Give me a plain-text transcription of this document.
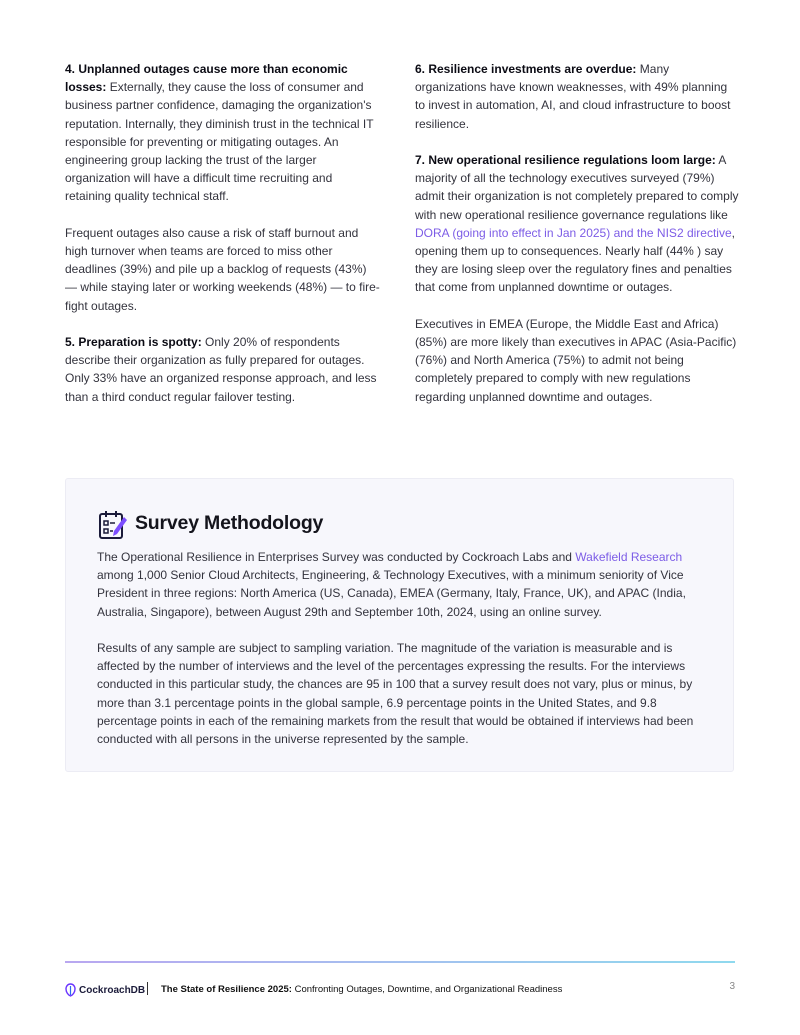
4. Unplanned outages cause more than economic losses: Externally, they cause the loss of consumer and business partner confidence, damaging the organization's reputation. Internally, they diminish trust in the technical IT responsible for preventing or mitigating outages. An engineering group lacking the trust of the larger organization will have a difficult time recruiting and retaining quality technical staff.

Frequent outages also cause a risk of staff burnout and high turnover when teams are forced to miss other deadlines (39%) and pile up a backlog of requests (43%) — while staying later or working weekends (48%) — to fire-fight outages.

5. Preparation is spotty: Only 20% of respondents describe their organization as fully prepared for outages. Only 33% have an organized response approach, and less than a third conduct regular failover testing.

6. Resilience investments are overdue: Many organizations have known weaknesses, with 49% planning to invest in automation, AI, and cloud infrastructure to boost resilience.

7. New operational resilience regulations loom large: A majority of all the technology executives surveyed (79%) admit their organization is not completely prepared to comply with new operational resilience governance regulations like DORA (going into effect in Jan 2025) and the NIS2 directive, opening them up to consequences. Nearly half (44% ) say they are losing sleep over the regulatory fines and penalties that come from unplanned downtime or outages.

Executives in EMEA (Europe, the Middle East and Africa) (85%) are more likely than executives in APAC (Asia-Pacific) (76%) and North America (75%) to admit not being completely prepared to comply with new regulations regarding unplanned downtime and outages.

Survey Methodology

The Operational Resilience in Enterprises Survey was conducted by Cockroach Labs and Wakefield Research among 1,000 Senior Cloud Architects, Engineering, & Technology Executives, with a minimum seniority of Vice President in three regions: North America (US, Canada), EMEA (Germany, Italy, France, UK), and APAC (India, Australia, Singapore), between August 29th and September 10th, 2024, using an online survey.

Results of any sample are subject to sampling variation. The magnitude of the variation is measurable and is affected by the number of interviews and the level of the percentages expressing the results. For the interviews conducted in this particular study, the chances are 95 in 100 that a survey result does not vary, plus or minus, by more than 3.1 percentage points in the global sample, 6.9 percentage points in the United States, and 9.8 percentage points in each of the remaining markets from the result that would be obtained if interviews had been conducted with all persons in the universe represented by the sample.

CockroachDB The State of Resilience 2025: Confronting Outages, Downtime, and Organizational Readiness	3
